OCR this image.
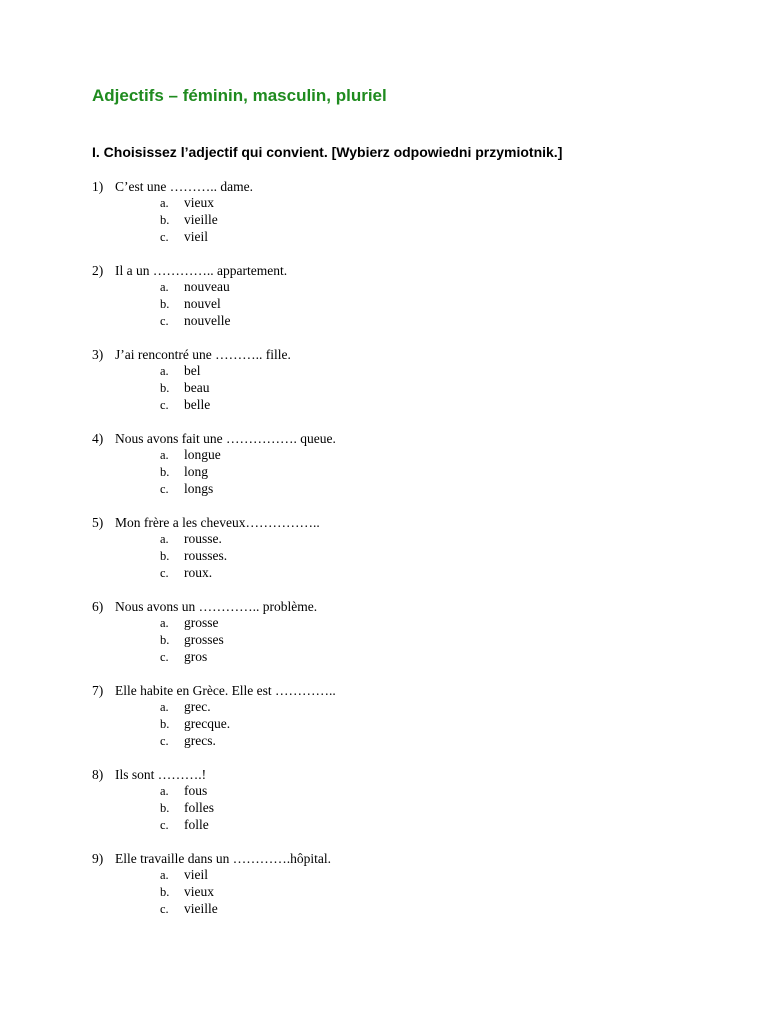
Adjectifs – féminin, masculin, pluriel
I. Choisissez l’adjectif qui convient. [Wybierz odpowiedni przymiotnik.]
1) C’est une ……….. dame.
a. vieux
b. vieille
c. vieil
2) Il a un ………….. appartement.
a. nouveau
b. nouvel
c. nouvelle
3) J’ai rencontré une ……….. fille.
a. bel
b. beau
c. belle
4) Nous avons fait une ……………. queue.
a. longue
b. long
c. longs
5) Mon frère a les cheveux……………..
a. rousse.
b. rousses.
c. roux.
6) Nous avons un ………….. problème.
a. grosse
b. grosses
c. gros
7) Elle habite en Grèce. Elle est …………..
a. grec.
b. grecque.
c. grecs.
8) Ils sont ……….!
a. fous
b. folles
c. folle
9) Elle travaille dans un ………….hôpital.
a. vieil
b. vieux
c. vieille
